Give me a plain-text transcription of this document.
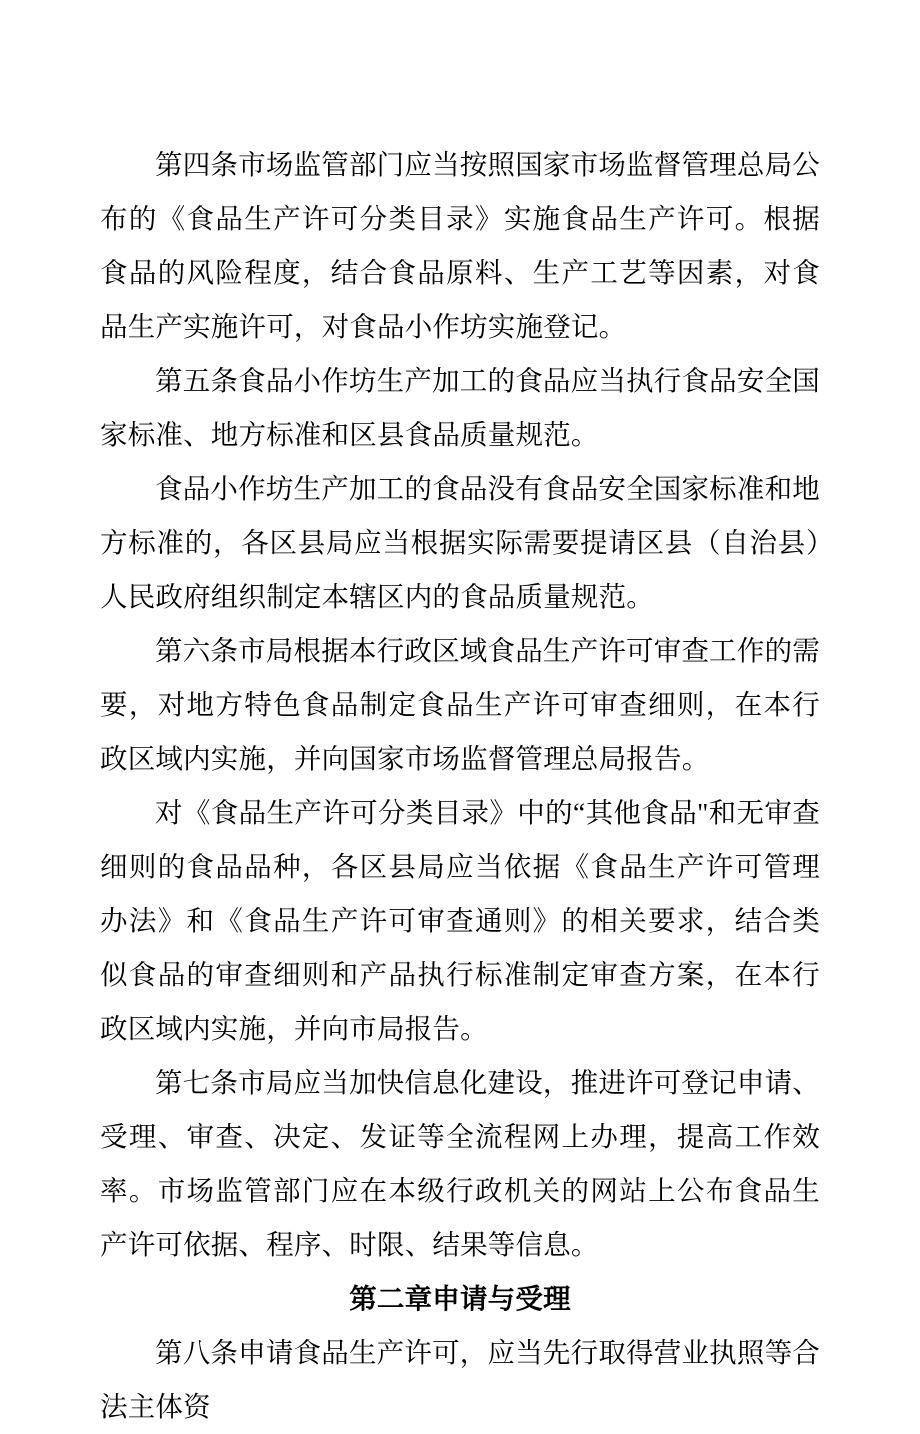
第四条市场监管部门应当按照国家市场监督管理总局公布的《食品生产许可分类目录》实施食品生产许可。根据食品的风险程度，结合食品原料、生产工艺等因素，对食品生产实施许可，对食品小作坊实施登记。

第五条食品小作坊生产加工的食品应当执行食品安全国家标准、地方标准和区县食品质量规范。

食品小作坊生产加工的食品没有食品安全国家标准和地方标准的，各区县局应当根据实际需要提请区县（自治县）人民政府组织制定本辖区内的食品质量规范。

第六条市局根据本行政区域食品生产许可审查工作的需要，对地方特色食品制定食品生产许可审查细则，在本行政区域内实施，并向国家市场监督管理总局报告。

对《食品生产许可分类目录》中的“其他食品"和无审查细则的食品品种，各区县局应当依据《食品生产许可管理办法》和《食品生产许可审查通则》的相关要求，结合类似食品的审查细则和产品执行标准制定审查方案，在本行政区域内实施，并向市局报告。

第七条市局应当加快信息化建设，推进许可登记申请、受理、审查、决定、发证等全流程网上办理，提高工作效率。市场监管部门应在本级行政机关的网站上公布食品生产许可依据、程序、时限、结果等信息。

第二章申请与受理

第八条申请食品生产许可，应当先行取得营业执照等合法主体资
